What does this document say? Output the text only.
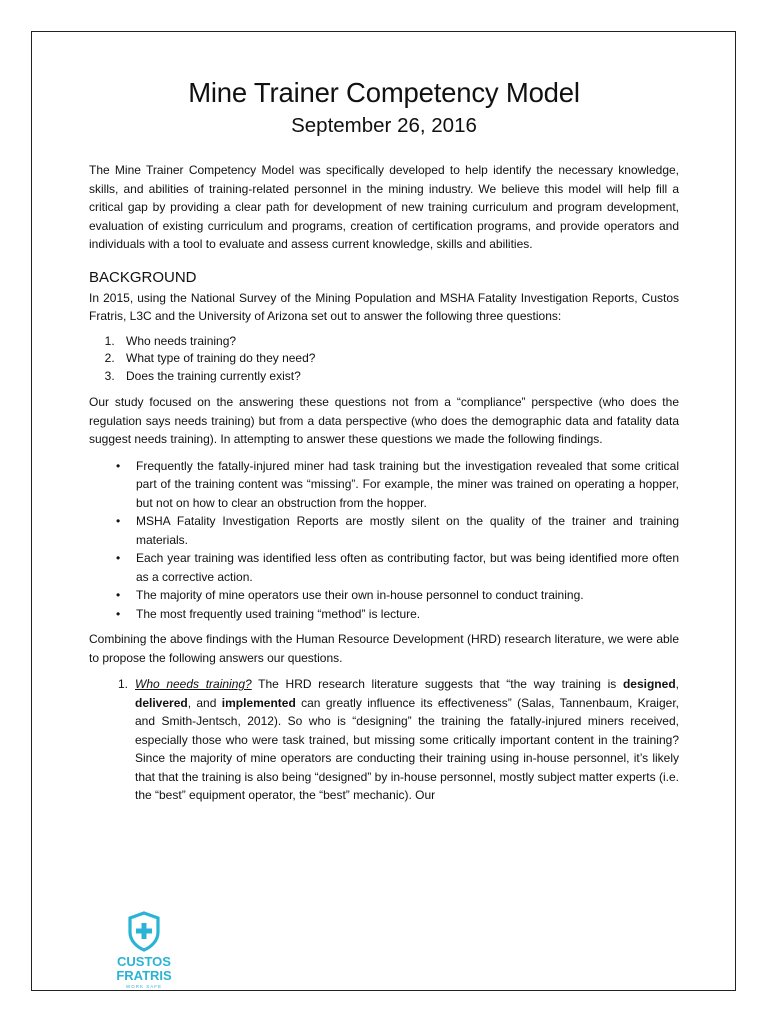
Mine Trainer Competency Model
September 26, 2016

The Mine Trainer Competency Model was specifically developed to help identify the necessary knowledge, skills, and abilities of training-related personnel in the mining industry. We believe this model will help fill a critical gap by providing a clear path for development of new training curriculum and program development, evaluation of existing curriculum and programs, creation of certification programs, and provide operators and individuals with a tool to evaluate and assess current knowledge, skills and abilities.

BACKGROUND

In 2015, using the National Survey of the Mining Population and MSHA Fatality Investigation Reports, Custos Fratris, L3C and the University of Arizona set out to answer the following three questions:

1. Who needs training?
2. What type of training do they need?
3. Does the training currently exist?

Our study focused on the answering these questions not from a “compliance” perspective (who does the regulation says needs training) but from a data perspective (who does the demographic data and fatality data suggest needs training). In attempting to answer these questions we made the following findings.

• Frequently the fatally-injured miner had task training but the investigation revealed that some critical part of the training content was “missing”. For example, the miner was trained on operating a hopper, but not on how to clear an obstruction from the hopper.
• MSHA Fatality Investigation Reports are mostly silent on the quality of the trainer and training materials.
• Each year training was identified less often as contributing factor, but was being identified more often as a corrective action.
• The majority of mine operators use their own in-house personnel to conduct training.
• The most frequently used training “method” is lecture.

Combining the above findings with the Human Resource Development (HRD) research literature, we were able to propose the following answers our questions.

1. Who needs training? The HRD research literature suggests that “the way training is designed, delivered, and implemented can greatly influence its effectiveness” (Salas, Tannenbaum, Kraiger, and Smith-Jentsch, 2012). So who is “designing” the training the fatally-injured miners received, especially those who were task trained, but missing some critically important content in the training? Since the majority of mine operators are conducting their training using in-house personnel, it’s likely that that the training is also being “designed” by in-house personnel, mostly subject matter experts (i.e. the “best” equipment operator, the “best” mechanic). Our
CUSTOS
FRATRIS
WORK SAFE
